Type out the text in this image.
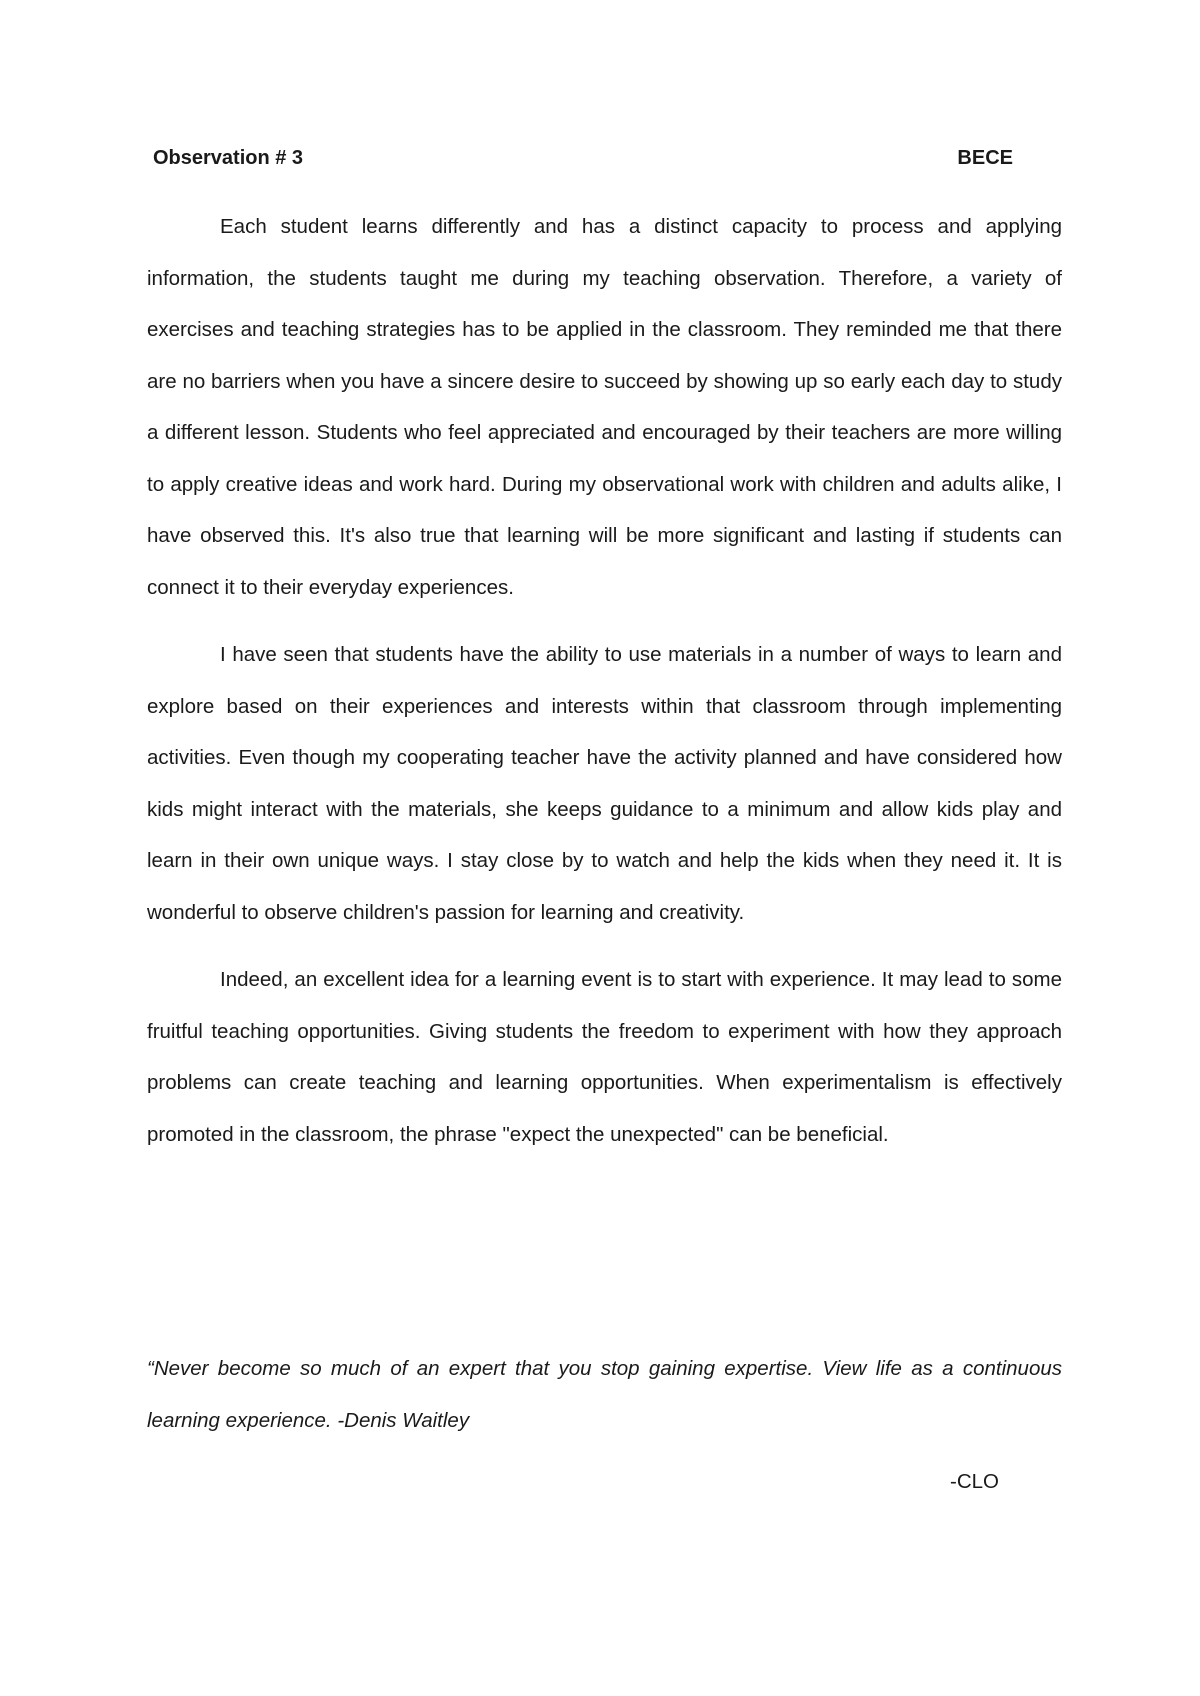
Observation # 3	BECE

Each student learns differently and has a distinct capacity to process and applying information, the students taught me during my teaching observation. Therefore, a variety of exercises and teaching strategies has to be applied in the classroom. They reminded me that there are no barriers when you have a sincere desire to succeed by showing up so early each day to study a different lesson. Students who feel appreciated and encouraged by their teachers are more willing to apply creative ideas and work hard. During my observational work with children and adults alike, I have observed this. It's also true that learning will be more significant and lasting if students can connect it to their everyday experiences.

I have seen that students have the ability to use materials in a number of ways to learn and explore based on their experiences and interests within that classroom through implementing activities. Even though my cooperating teacher have the activity planned and have considered how kids might interact with the materials, she keeps guidance to a minimum and allow kids play and learn in their own unique ways. I stay close by to watch and help the kids when they need it. It is wonderful to observe children's passion for learning and creativity.

Indeed, an excellent idea for a learning event is to start with experience. It may lead to some fruitful teaching opportunities. Giving students the freedom to experiment with how they approach problems can create teaching and learning opportunities. When experimentalism is effectively promoted in the classroom, the phrase "expect the unexpected" can be beneficial.

“Never become so much of an expert that you stop gaining expertise. View life as a continuous learning experience. -Denis Waitley

-CLO
